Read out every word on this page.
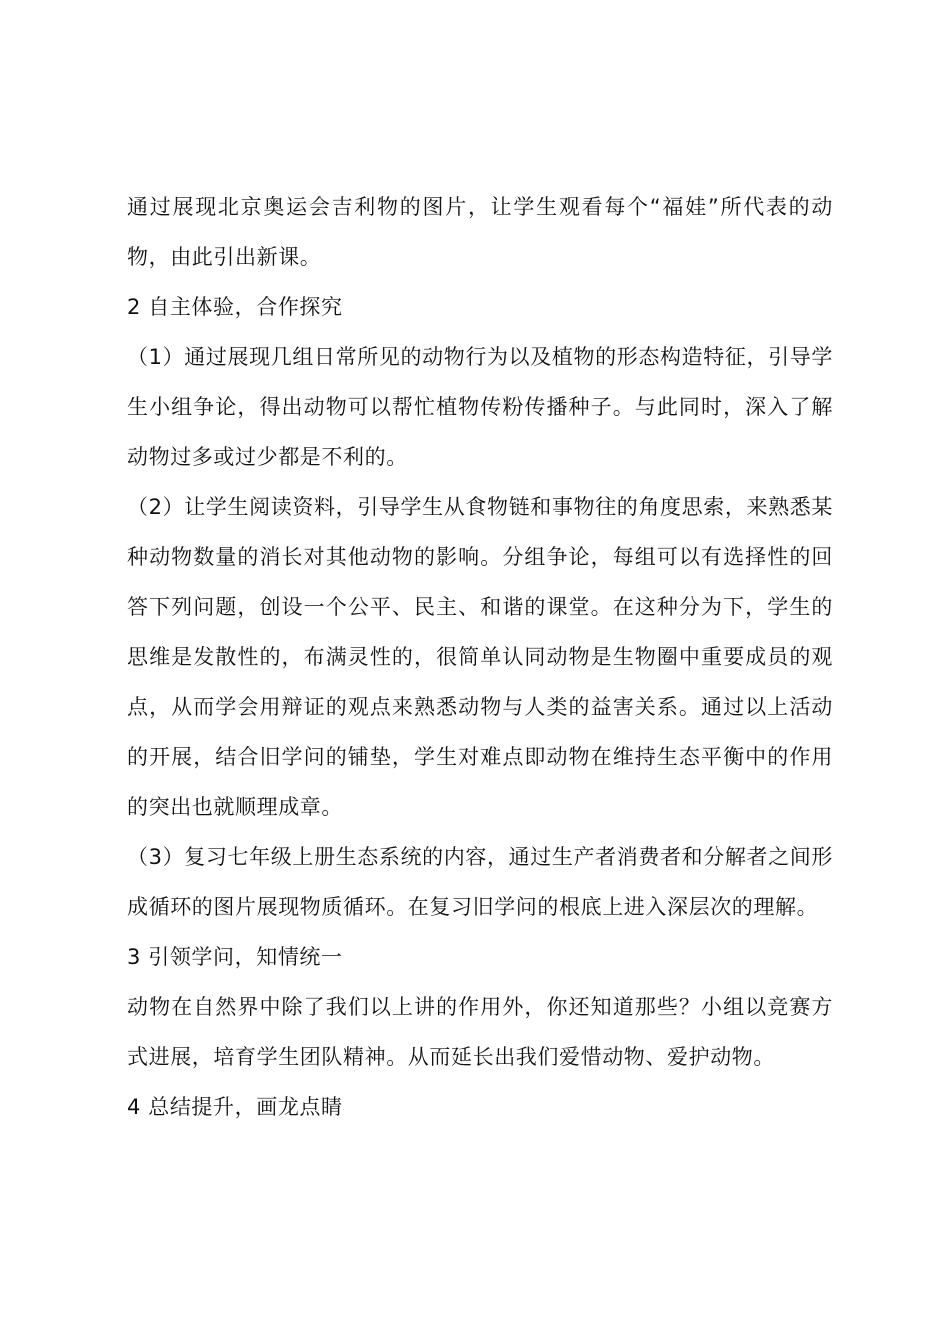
通过展现北京奥运会吉利物的图片，让学生观看每个“福娃”所代表的动物，由此引出新课。

2 自主体验，合作探究

（1）通过展现几组日常所见的动物行为以及植物的形态构造特征，引导学生小组争论，得出动物可以帮忙植物传粉传播种子。与此同时，深入了解动物过多或过少都是不利的。

（2）让学生阅读资料，引导学生从食物链和事物往的角度思索，来熟悉某种动物数量的消长对其他动物的影响。分组争论，每组可以有选择性的回答下列问题，创设一个公平、民主、和谐的课堂。在这种分为下，学生的思维是发散性的，布满灵性的，很简单认同动物是生物圈中重要成员的观点，从而学会用辩证的观点来熟悉动物与人类的益害关系。通过以上活动的开展，结合旧学问的铺垫，学生对难点即动物在维持生态平衡中的作用的突出也就顺理成章。

（3）复习七年级上册生态系统的内容，通过生产者消费者和分解者之间形成循环的图片展现物质循环。在复习旧学问的根底上进入深层次的理解。

3 引领学问，知情统一

动物在自然界中除了我们以上讲的作用外，你还知道那些？小组以竞赛方式进展，培育学生团队精神。从而延长出我们爱惜动物、爱护动物。

4 总结提升，画龙点睛
